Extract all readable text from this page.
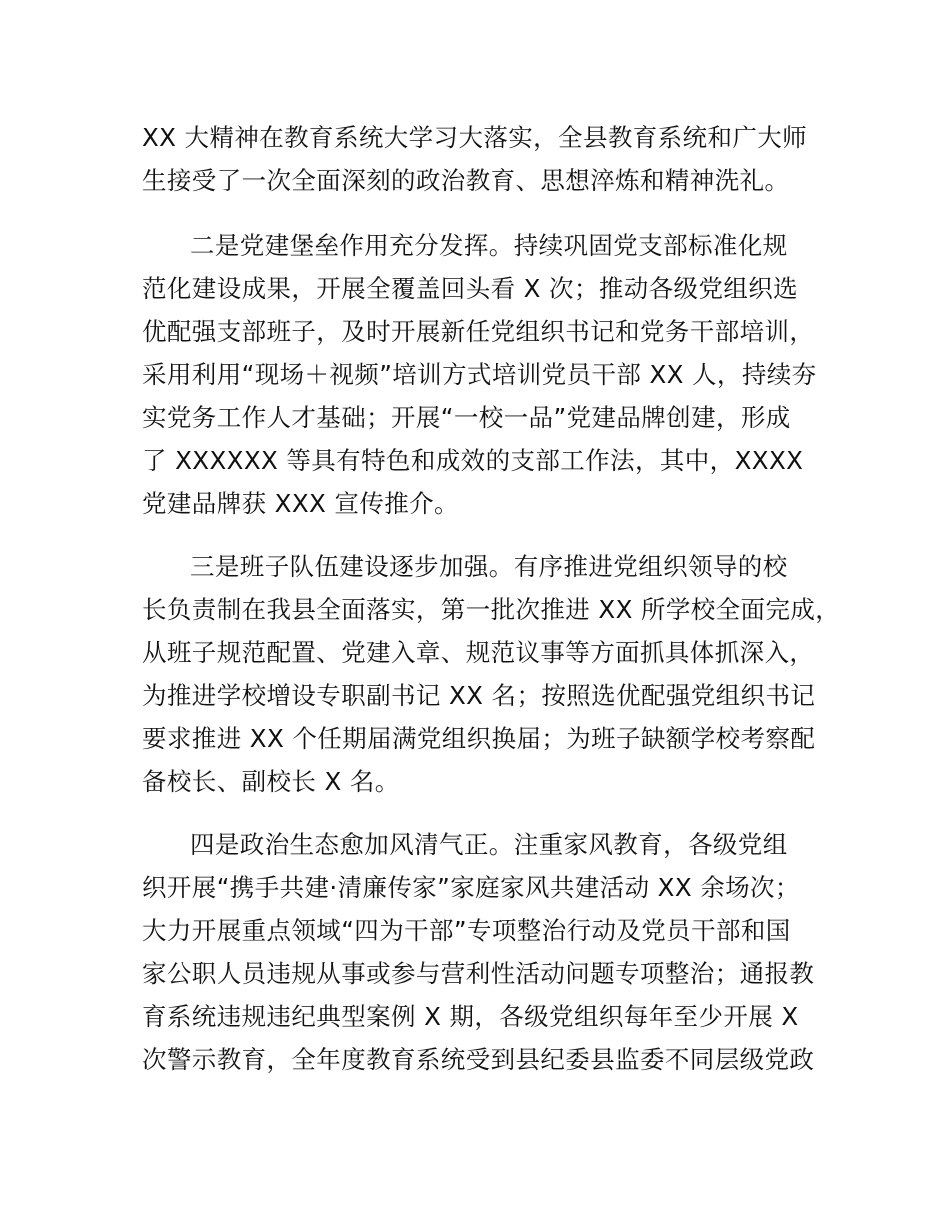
XX 大精神在教育系统大学习大落实，全县教育系统和广大师

生接受了一次全面深刻的政治教育、思想淬炼和精神洗礼。

二是党建堡垒作用充分发挥。持续巩固党支部标准化规

范化建设成果，开展全覆盖回头看 X 次；推动各级党组织选

优配强支部班子，及时开展新任党组织书记和党务干部培训，

采用利用“现场＋视频”培训方式培训党员干部 XX 人，持续夯

实党务工作人才基础；开展“一校一品”党建品牌创建，形成

了 XXXXXX 等具有特色和成效的支部工作法，其中，XXXX

党建品牌获 XXX 宣传推介。

三是班子队伍建设逐步加强。有序推进党组织领导的校

长负责制在我县全面落实，第一批次推进 XX 所学校全面完成，

从班子规范配置、党建入章、规范议事等方面抓具体抓深入，

为推进学校增设专职副书记 XX 名；按照选优配强党组织书记

要求推进 XX 个任期届满党组织换届；为班子缺额学校考察配

备校长、副校长 X 名。

四是政治生态愈加风清气正。注重家风教育，各级党组

织开展“携手共建·清廉传家”家庭家风共建活动 XX 余场次；

大力开展重点领域“四为干部”专项整治行动及党员干部和国

家公职人员违规从事或参与营利性活动问题专项整治；通报教

育系统违规违纪典型案例 X 期，各级党组织每年至少开展 X

次警示教育，全年度教育系统受到县纪委县监委不同层级党政
